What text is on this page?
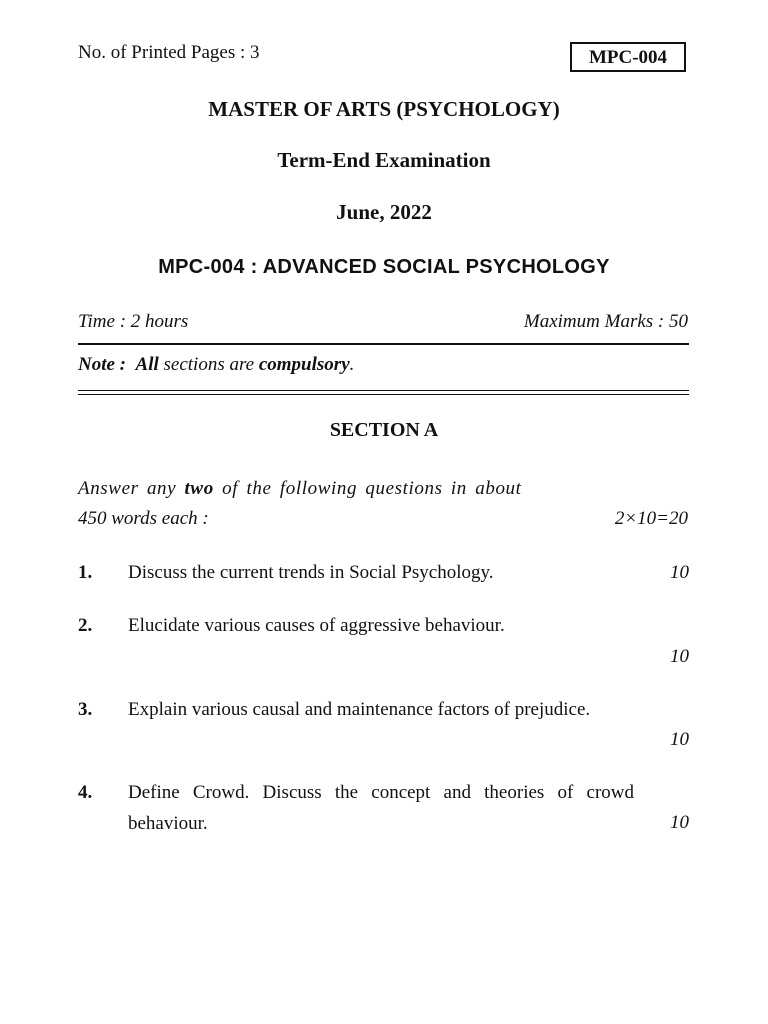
No. of Printed Pages : 3	MPC-004
MASTER OF ARTS (PSYCHOLOGY)
Term-End Examination
June, 2022
MPC-004 : ADVANCED SOCIAL PSYCHOLOGY
Time : 2 hours	Maximum Marks : 50
Note : All sections are compulsory.
SECTION A
Answer any two of the following questions in about
450 words each :	2×10=20
1. Discuss the current trends in Social Psychology.	10
2. Elucidate various causes of aggressive behaviour.
10
3. Explain various causal and maintenance factors of prejudice.
10
4. Define Crowd. Discuss the concept and theories of crowd behaviour.	10
